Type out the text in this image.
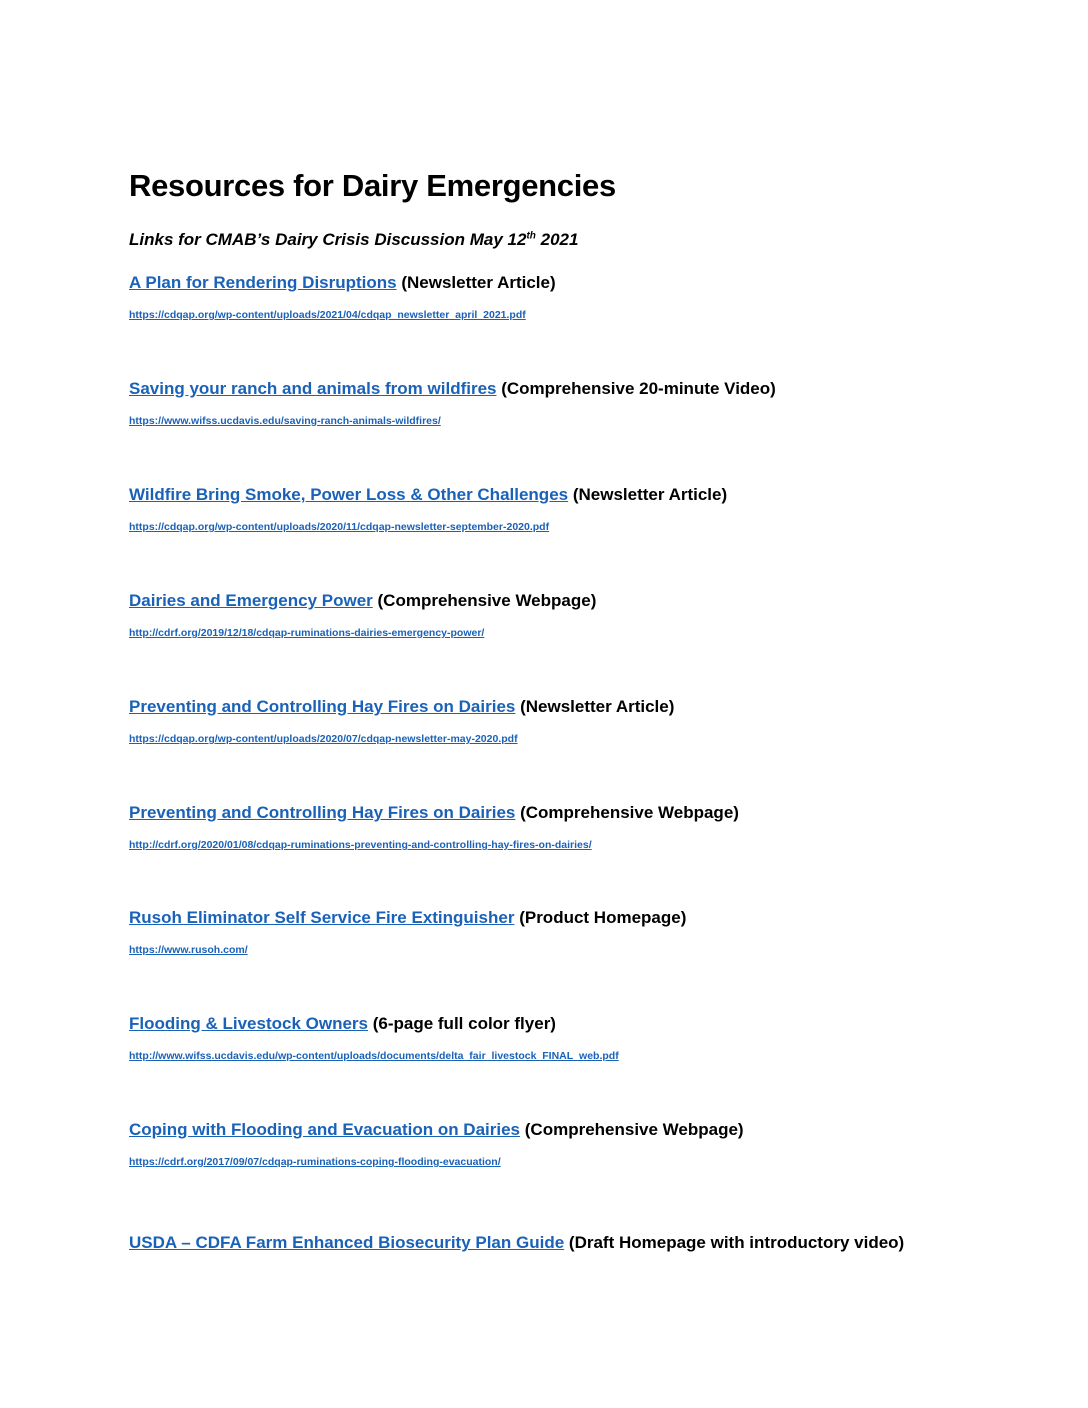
Resources for Dairy Emergencies

Links for CMAB’s Dairy Crisis Discussion May 12th 2021

A Plan for Rendering Disruptions (Newsletter Article)
https://cdqap.org/wp-content/uploads/2021/04/cdqap_newsletter_april_2021.pdf
Saving your ranch and animals from wildfires (Comprehensive 20-minute Video)
https://www.wifss.ucdavis.edu/saving-ranch-animals-wildfires/
Wildfire Bring Smoke, Power Loss & Other Challenges (Newsletter Article)
https://cdqap.org/wp-content/uploads/2020/11/cdqap-newsletter-september-2020.pdf
Dairies and Emergency Power (Comprehensive Webpage)
http://cdrf.org/2019/12/18/cdqap-ruminations-dairies-emergency-power/
Preventing and Controlling Hay Fires on Dairies (Newsletter Article)
https://cdqap.org/wp-content/uploads/2020/07/cdqap-newsletter-may-2020.pdf
Preventing and Controlling Hay Fires on Dairies (Comprehensive Webpage)
http://cdrf.org/2020/01/08/cdqap-ruminations-preventing-and-controlling-hay-fires-on-dairies/
Rusoh Eliminator Self Service Fire Extinguisher (Product Homepage)
https://www.rusoh.com/
Flooding & Livestock Owners (6-page full color flyer)
http://www.wifss.ucdavis.edu/wp-content/uploads/documents/delta_fair_livestock_FINAL_web.pdf
Coping with Flooding and Evacuation on Dairies (Comprehensive Webpage)
https://cdrf.org/2017/09/07/cdqap-ruminations-coping-flooding-evacuation/
USDA – CDFA Farm Enhanced Biosecurity Plan Guide (Draft Homepage with introductory video)
